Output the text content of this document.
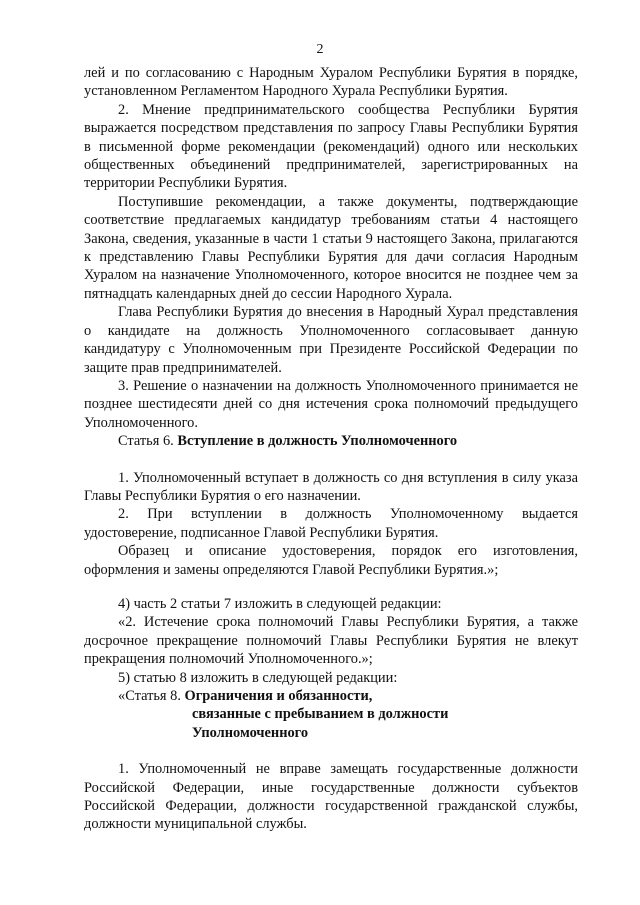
2

лей и по согласованию с Народным Хуралом Республики Бурятия в порядке, установленном Регламентом Народного Хурала Республики Бурятия.

2. Мнение предпринимательского сообщества Республики Бурятия выражается посредством представления по запросу Главы Республики Бурятия в письменной форме рекомендации (рекомендаций) одного или нескольких общественных объединений предпринимателей, зарегистрированных на территории Республики Бурятия.

Поступившие рекомендации, а также документы, подтверждающие соответствие предлагаемых кандидатур требованиям статьи 4 настоящего Закона, сведения, указанные в части 1 статьи 9 настоящего Закона, прилагаются к представлению Главы Республики Бурятия для дачи согласия Народным Хуралом на назначение Уполномоченного, которое вносится не позднее чем за пятнадцать календарных дней до сессии Народного Хурала.

Глава Республики Бурятия до внесения в Народный Хурал представления о кандидате на должность Уполномоченного согласовывает данную кандидатуру с Уполномоченным при Президенте Российской Федерации по защите прав предпринимателей.

3. Решение о назначении на должность Уполномоченного принимается не позднее шестидесяти дней со дня истечения срока полномочий предыдущего Уполномоченного.

Статья 6. Вступление в должность Уполномоченного

1. Уполномоченный вступает в должность со дня вступления в силу указа Главы Республики Бурятия о его назначении.

2. При вступлении в должность Уполномоченному выдается удостоверение, подписанное Главой Республики Бурятия.

Образец и описание удостоверения, порядок его изготовления, оформления и замены определяются Главой Республики Бурятия.»;

4) часть 2 статьи 7 изложить в следующей редакции:

«2. Истечение срока полномочий Главы Республики Бурятия, а также досрочное прекращение полномочий Главы Республики Бурятия не влекут прекращения полномочий Уполномоченного.»;

5) статью 8 изложить в следующей редакции:

«Статья 8. Ограничения и обязанности,
связанные с пребыванием в должности
Уполномоченного

1. Уполномоченный не вправе замещать государственные должности Российской Федерации, иные государственные должности субъектов Российской Федерации, должности государственной гражданской службы, должности муниципальной службы.
